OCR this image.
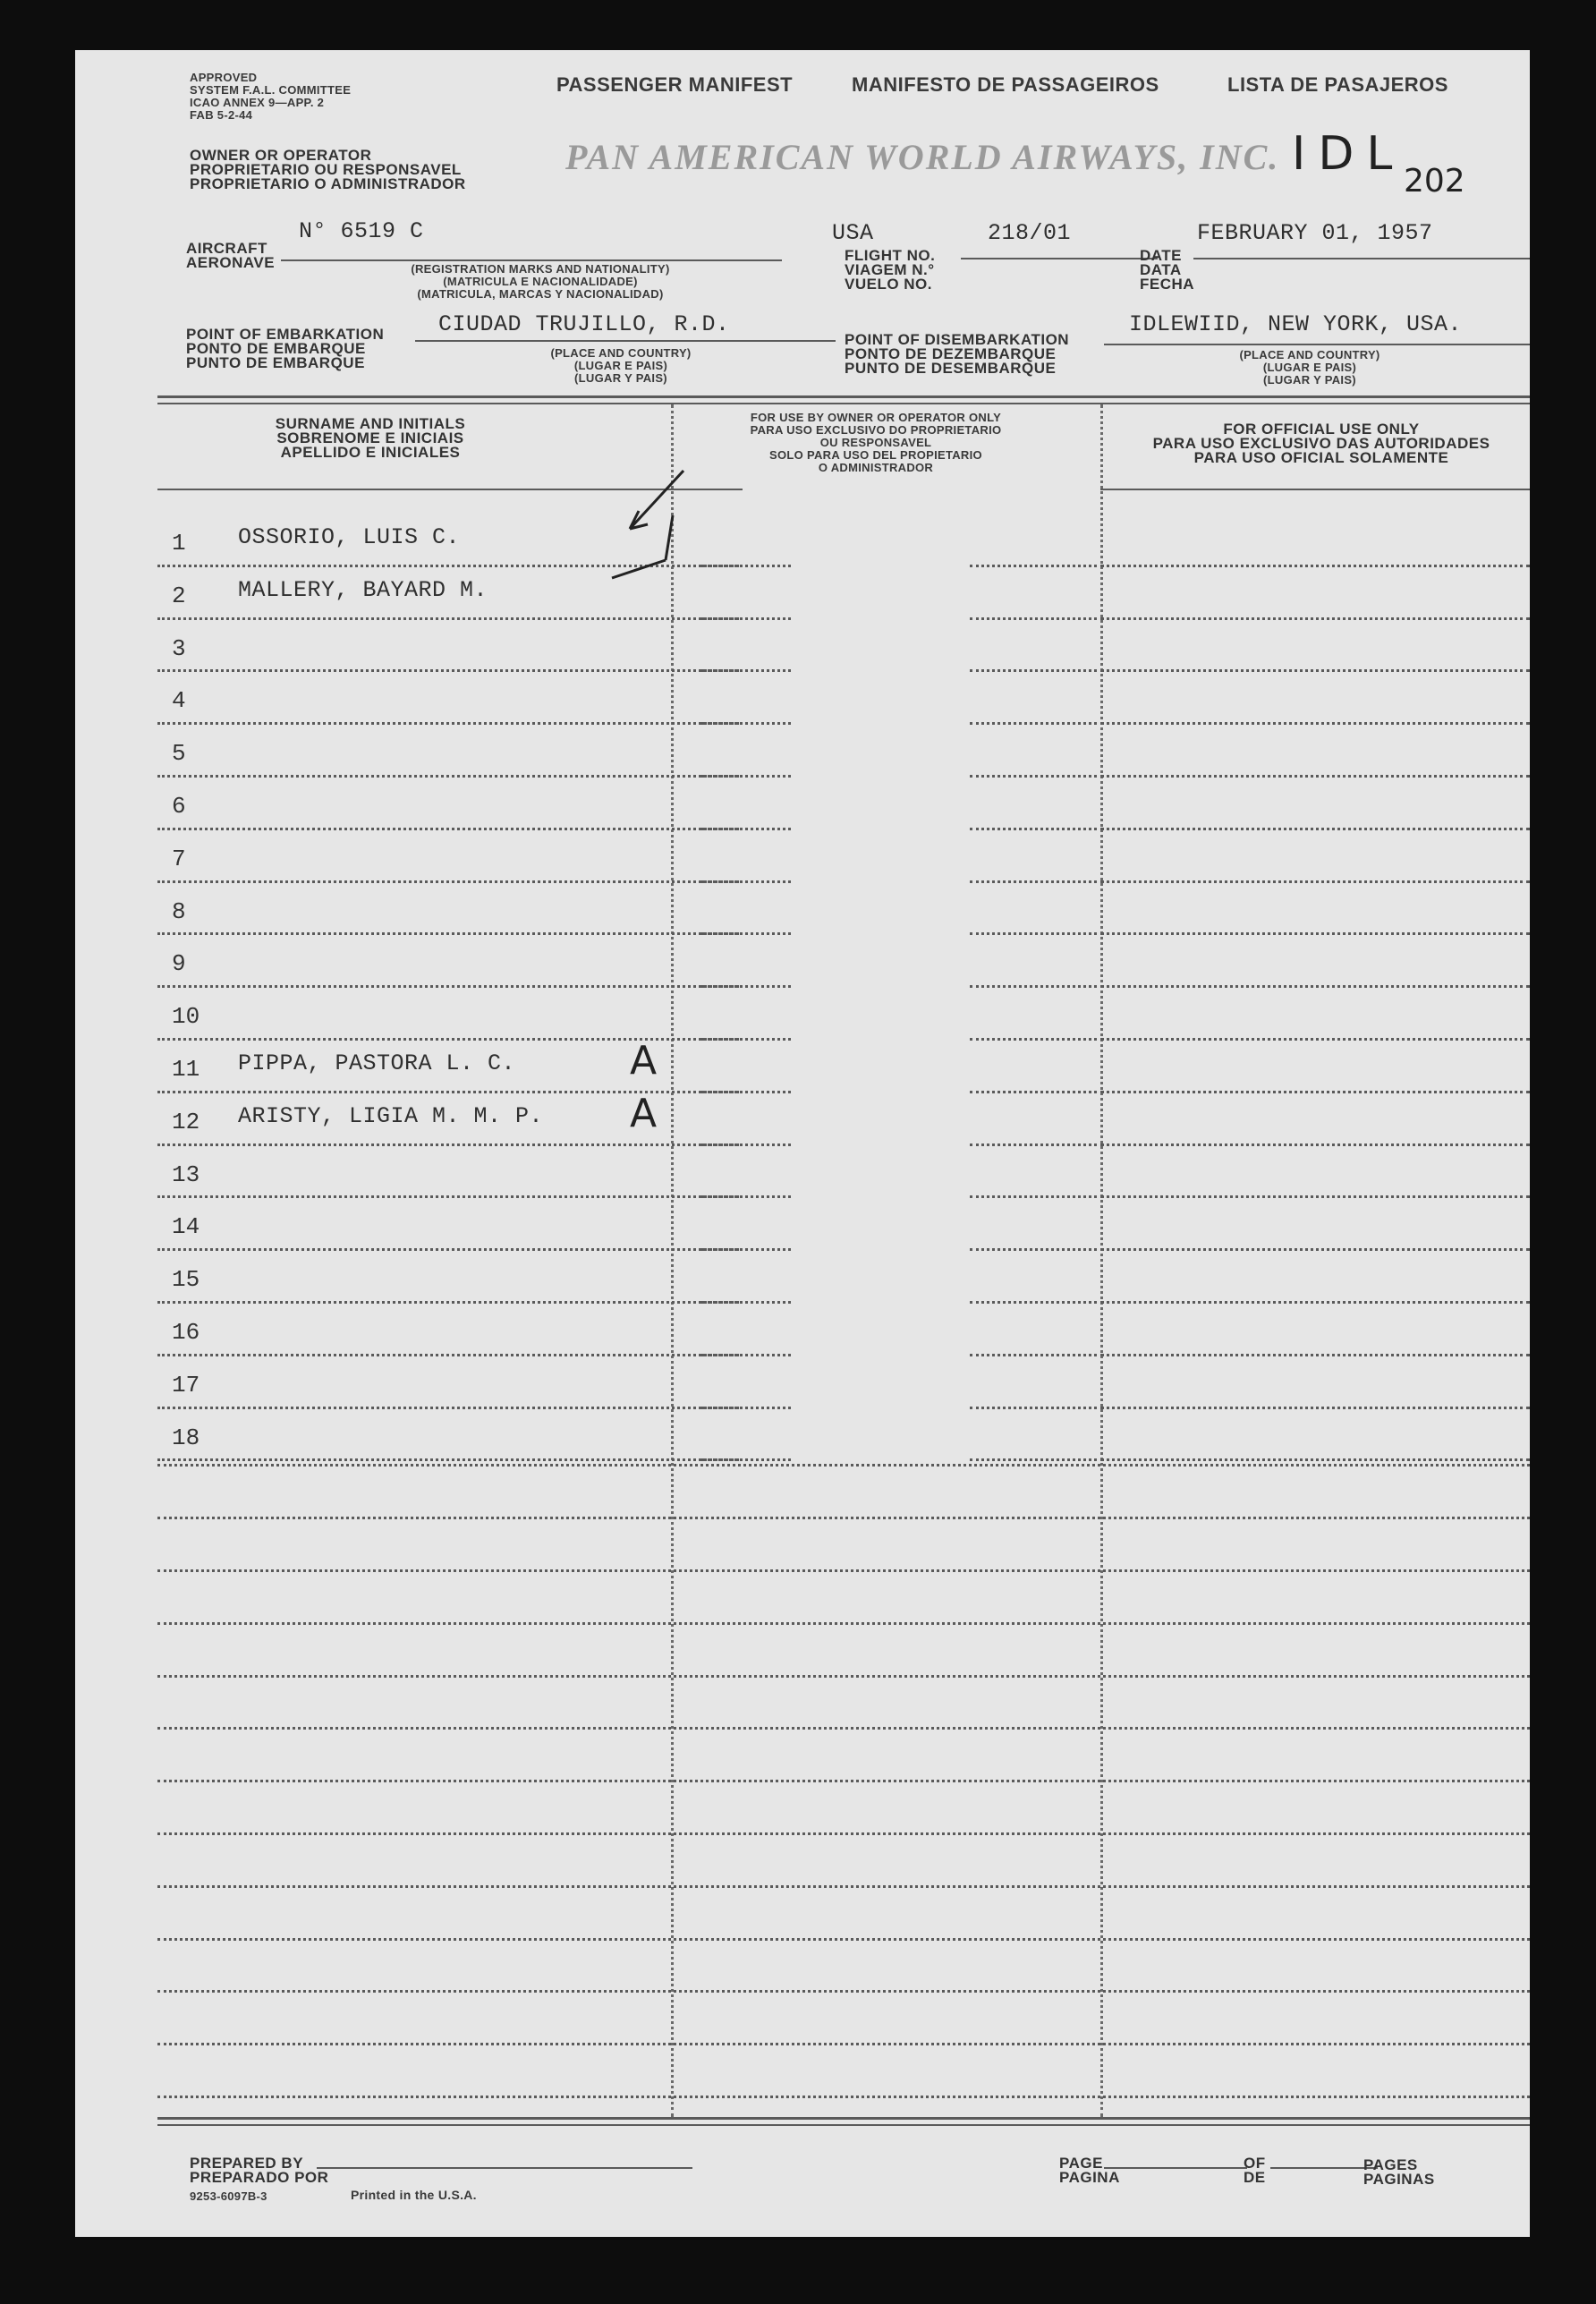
APPROVED
SYSTEM F.A.L. COMMITTEE
ICAO ANNEX 9—APP. 2
FAB 5-2-44
OWNER OR OPERATOR
PROPRIETARIO OU RESPONSAVEL
PROPRIETARIO O ADMINISTRADOR
PASSENGER MANIFEST	MANIFESTO DE PASSAGEIROS	LISTA DE PASAJEROS
PAN AMERICAN WORLD AIRWAYS, INC. IDL
202
AIRCRAFT
AERONAVE
N° 6519 C	USA
(REGISTRATION MARKS AND NATIONALITY)
(MATRICULA E NACIONALIDADE)
(MATRICULA, MARCAS Y NACIONALIDAD)
FLIGHT NO.
VIAGEM N.°
VUELO NO.
218/01
DATE
DATA
FECHA
FEBRUARY 01, 1957
POINT OF EMBARKATION
PONTO DE EMBARQUE
PUNTO DE EMBARQUE
CIUDAD TRUJILLO, R.D.
(PLACE AND COUNTRY)
(LUGAR E PAIS)
(LUGAR Y PAIS)
POINT OF DISEMBARKATION
PONTO DE DEZEMBARQUE
PUNTO DE DESEMBARQUE
IDLEWIID, NEW YORK, USA.
(PLACE AND COUNTRY)
(LUGAR E PAIS)
(LUGAR Y PAIS)
SURNAME AND INITIALS
SOBRENOME E INICIAIS
APELLIDO E INICIALES
FOR USE BY OWNER OR OPERATOR ONLY
PARA USO EXCLUSIVO DO PROPRIETARIO
OU RESPONSAVEL
SOLO PARA USO DEL PROPIETARIO
O ADMINISTRADOR
FOR OFFICIAL USE ONLY
PARA USO EXCLUSIVO DAS AUTORIDADES
PARA USO OFICIAL SOLAMENTE
1 OSSORIO, LUIS C.
2 MALLERY, BAYARD M.
3
4
5
6
7
8
9
10
11 PIPPA, PASTORA L. C.	A
12 ARISTY, LIGIA M. M. P. A
13
14
15
16
17
18
PREPARED BY
PREPARADO POR
9253-6097B-3	Printed in the U.S.A.
PAGE
PAGINA
OF
DE
PAGES
PAGINAS
